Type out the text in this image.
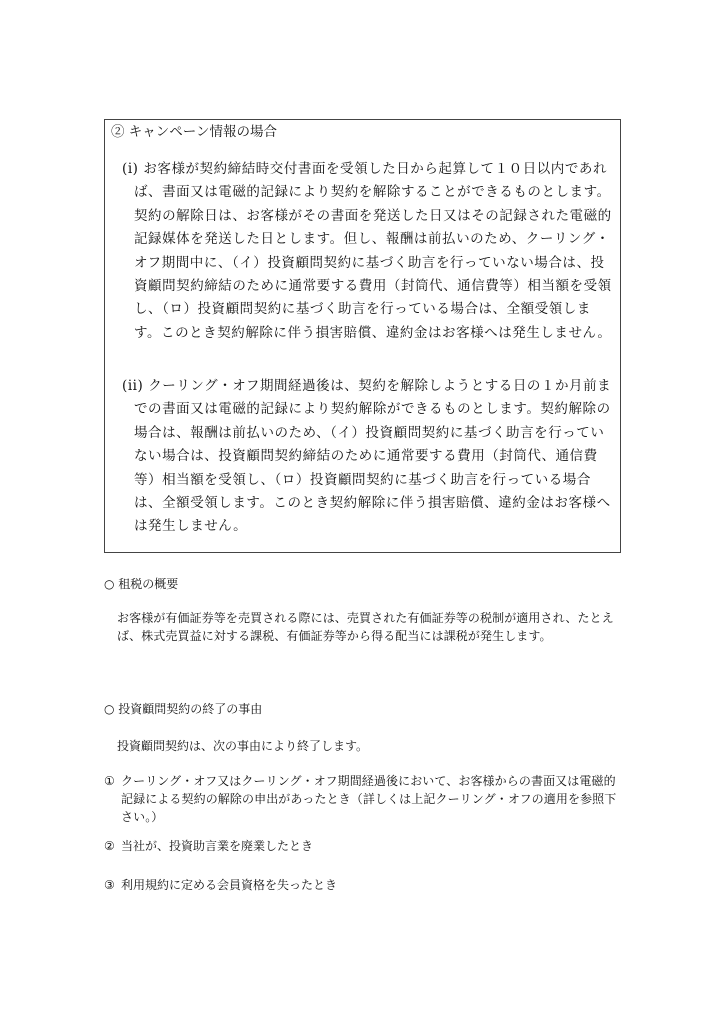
② キャンペーン情報の場合
(i) お客様が契約締結時交付書面を受領した日から起算して１０日以内であれば、書面又は電磁的記録により契約を解除することができるものとします。契約の解除日は、お客様がその書面を発送した日又はその記録された電磁的記録媒体を発送した日とします。但し、報酬は前払いのため、クーリング・オフ期間中に、（イ）投資顧問契約に基づく助言を行っていない場合は、投資顧問契約締結のために通常要する費用（封筒代、通信費等）相当額を受領し、（ロ）投資顧問契約に基づく助言を行っている場合は、全額受領します。このとき契約解除に伴う損害賠償、違約金はお客様へは発生しません。
(ii) クーリング・オフ期間経過後は、契約を解除しようとする日の１か月前までの書面又は電磁的記録により契約解除ができるものとします。契約解除の場合は、報酬は前払いのため、（イ）投資顧問契約に基づく助言を行っていない場合は、投資顧問契約締結のために通常要する費用（封筒代、通信費等）相当額を受領し、（ロ）投資顧問契約に基づく助言を行っている場合は、全額受領します。このとき契約解除に伴う損害賠償、違約金はお客様へは発生しません。
○ 租税の概要
お客様が有価証券等を売買される際には、売買された有価証券等の税制が適用され、たとえば、株式売買益に対する課税、有価証券等から得る配当には課税が発生します。
○ 投資顧問契約の終了の事由
投資顧問契約は、次の事由により終了します。
① クーリング・オフ又はクーリング・オフ期間経過後において、お客様からの書面又は電磁的記録による契約の解除の申出があったとき（詳しくは上記クーリング・オフの適用を参照下さい。）
② 当社が、投資助言業を廃業したとき
③ 利用規約に定める会員資格を失ったとき
